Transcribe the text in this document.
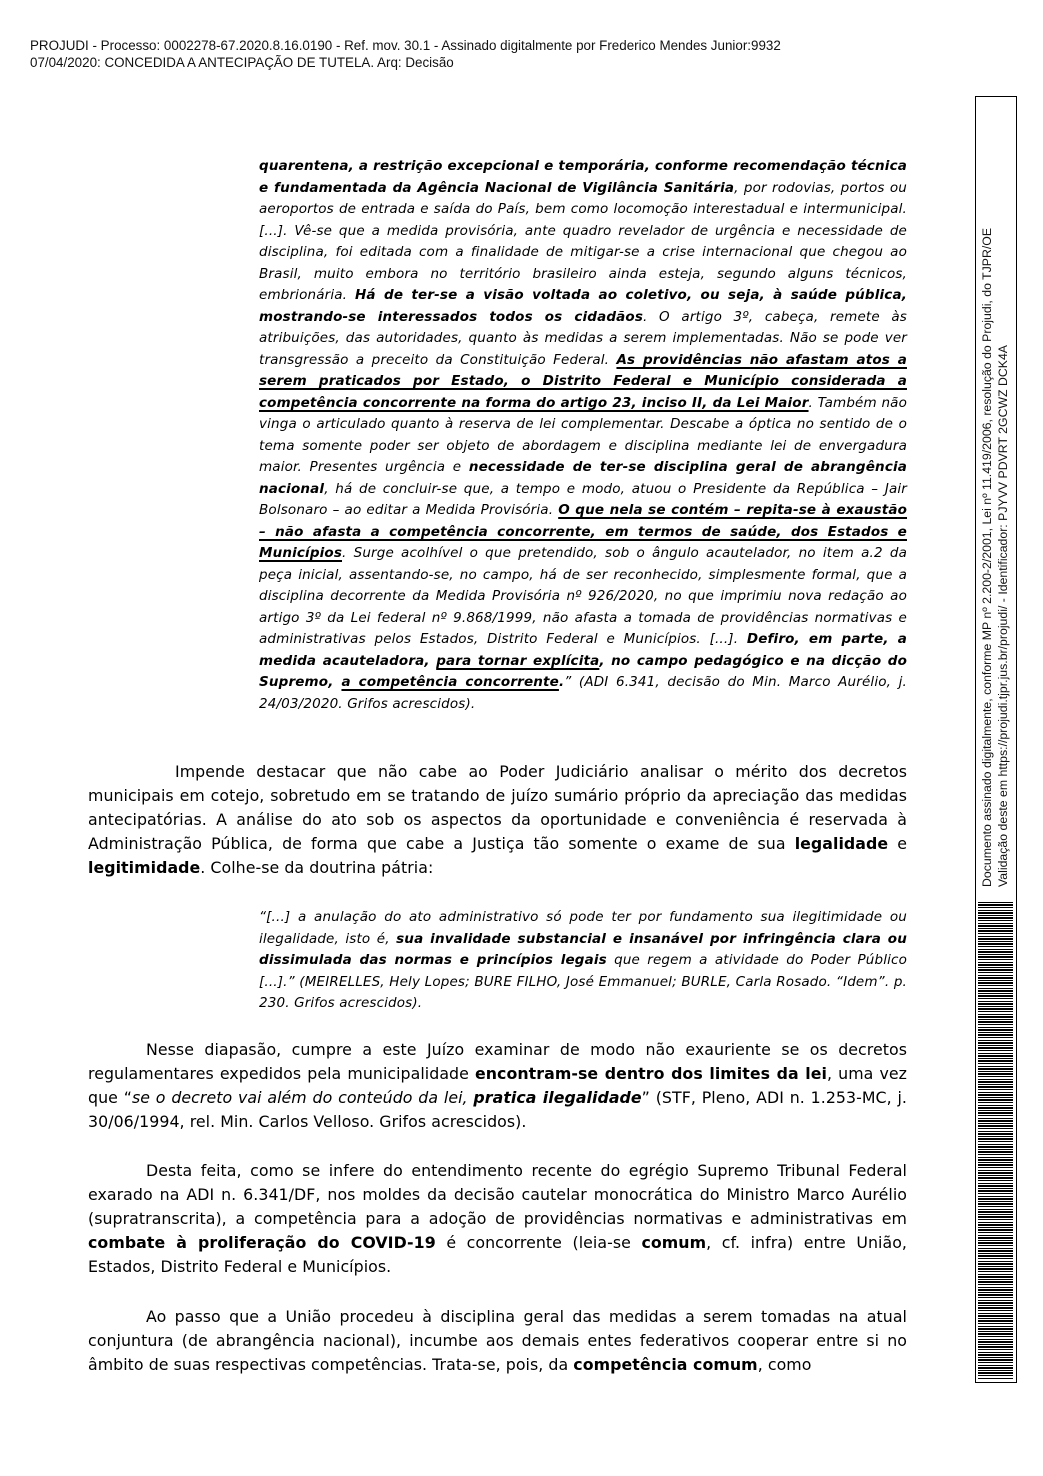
PROJUDI - Processo: 0002278-67.2020.8.16.0190 - Ref. mov. 30.1 - Assinado digitalmente por Frederico Mendes Junior:9932
07/04/2020: CONCEDIDA A ANTECIPAÇÃO DE TUTELA. Arq: Decisão
quarentena, a restrição excepcional e temporária, conforme recomendação técnica e fundamentada da Agência Nacional de Vigilância Sanitária, por rodovias, portos ou aeroportos de entrada e saída do País, bem como locomoção interestadual e intermunicipal. [...]. Vê-se que a medida provisória, ante quadro revelador de urgência e necessidade de disciplina, foi editada com a finalidade de mitigar-se a crise internacional que chegou ao Brasil, muito embora no território brasileiro ainda esteja, segundo alguns técnicos, embrionária. Há de ter-se a visão voltada ao coletivo, ou seja, à saúde pública, mostrando-se interessados todos os cidadãos. O artigo 3º, cabeça, remete às atribuições, das autoridades, quanto às medidas a serem implementadas. Não se pode ver transgressão a preceito da Constituição Federal. As providências não afastam atos a serem praticados por Estado, o Distrito Federal e Município considerada a competência concorrente na forma do artigo 23, inciso II, da Lei Maior. Também não vinga o articulado quanto à reserva de lei complementar. Descabe a óptica no sentido de o tema somente poder ser objeto de abordagem e disciplina mediante lei de envergadura maior. Presentes urgência e necessidade de ter-se disciplina geral de abrangência nacional, há de concluir-se que, a tempo e modo, atuou o Presidente da República – Jair Bolsonaro – ao editar a Medida Provisória. O que nela se contém – repita-se à exaustão – não afasta a competência concorrente, em termos de saúde, dos Estados e Municípios. Surge acolhível o que pretendido, sob o ângulo acautelador, no item a.2 da peça inicial, assentando-se, no campo, há de ser reconhecido, simplesmente formal, que a disciplina decorrente da Medida Provisória nº 926/2020, no que imprimiu nova redação ao artigo 3º da Lei federal nº 9.868/1999, não afasta a tomada de providências normativas e administrativas pelos Estados, Distrito Federal e Municípios. [...]. Defiro, em parte, a medida acauteladora, para tornar explícita, no campo pedagógico e na dicção do Supremo, a competência concorrente.” (ADI 6.341, decisão do Min. Marco Aurélio, j. 24/03/2020. Grifos acrescidos).
Impende destacar que não cabe ao Poder Judiciário analisar o mérito dos decretos municipais em cotejo, sobretudo em se tratando de juízo sumário próprio da apreciação das medidas antecipatórias. A análise do ato sob os aspectos da oportunidade e conveniência é reservada à Administração Pública, de forma que cabe a Justiça tão somente o exame de sua legalidade e legitimidade. Colhe-se da doutrina pátria:
“[...] a anulação do ato administrativo só pode ter por fundamento sua ilegitimidade ou ilegalidade, isto é, sua invalidade substancial e insanável por infringência clara ou dissimulada das normas e princípios legais que regem a atividade do Poder Público [...].” (MEIRELLES, Hely Lopes; BURE FILHO, José Emmanuel; BURLE, Carla Rosado. “Idem”. p. 230. Grifos acrescidos).
Nesse diapasão, cumpre a este Juízo examinar de modo não exauriente se os decretos regulamentares expedidos pela municipalidade encontram-se dentro dos limites da lei, uma vez que “se o decreto vai além do conteúdo da lei, pratica ilegalidade” (STF, Pleno, ADI n. 1.253-MC, j. 30/06/1994, rel. Min. Carlos Velloso. Grifos acrescidos).
Desta feita, como se infere do entendimento recente do egrégio Supremo Tribunal Federal exarado na ADI n. 6.341/DF, nos moldes da decisão cautelar monocrática do Ministro Marco Aurélio (supratranscrita), a competência para a adoção de providências normativas e administrativas em combate à proliferação do COVID-19 é concorrente (leia-se comum, cf. infra) entre União, Estados, Distrito Federal e Municípios.
Ao passo que a União procedeu à disciplina geral das medidas a serem tomadas na atual conjuntura (de abrangência nacional), incumbe aos demais entes federativos cooperar entre si no âmbito de suas respectivas competências. Trata-se, pois, da competência comum, como
Documento assinado digitalmente, conforme MP nº 2.200-2/2001, Lei nº 11.419/2006, resolução do Projudi, do TJPR/OE Validação deste em https://projudi.tjpr.jus.br/projudi/ - Identificador: PJYVV PDVRT 2GCWZ DCK4A
